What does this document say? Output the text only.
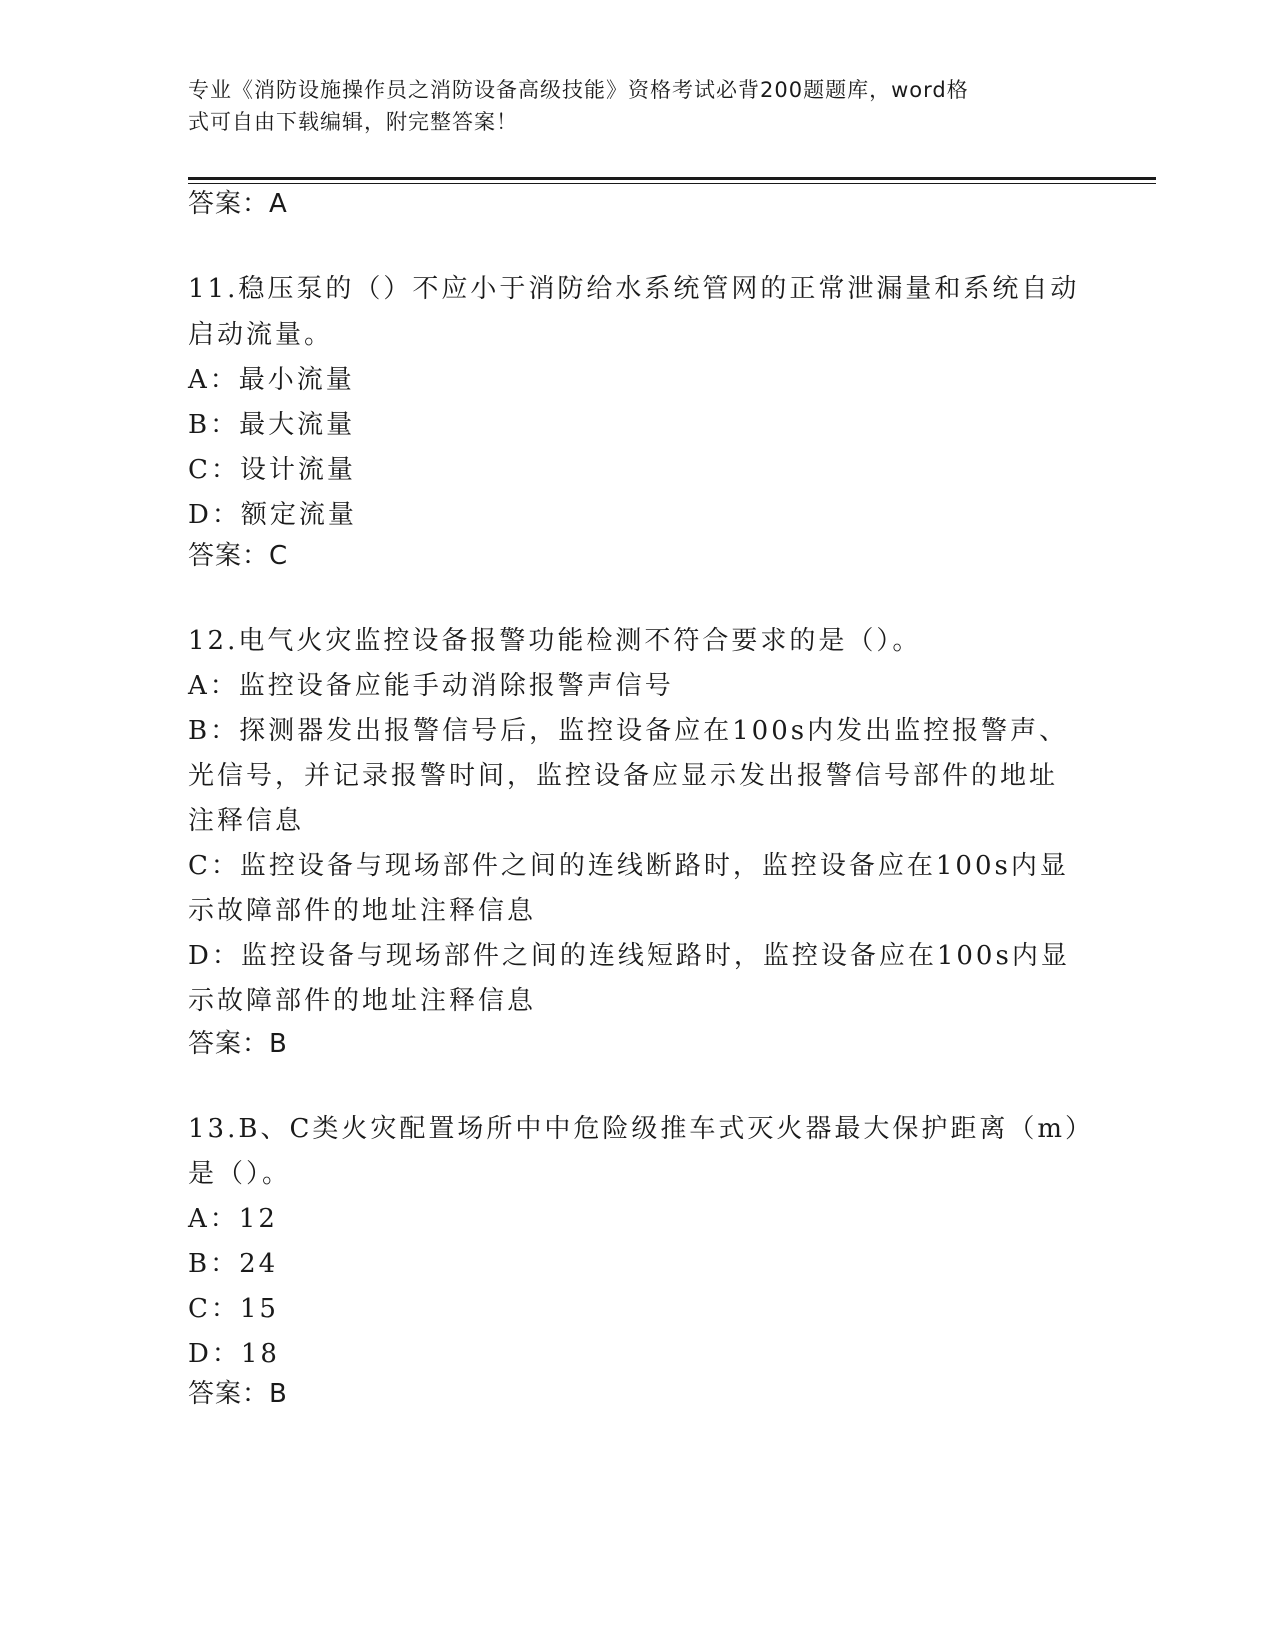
专业《消防设施操作员之消防设备高级技能》资格考试必背200题题库，word格
式可自由下载编辑，附完整答案！
答案：A
11.稳压泵的（）不应小于消防给水系统管网的正常泄漏量和系统自动
启动流量。
A：最小流量
B：最大流量
C：设计流量
D：额定流量
答案：C
12.电气火灾监控设备报警功能检测不符合要求的是（）。
A：监控设备应能手动消除报警声信号
B：探测器发出报警信号后，监控设备应在100s内发出监控报警声、
光信号，并记录报警时间，监控设备应显示发出报警信号部件的地址
注释信息
C：监控设备与现场部件之间的连线断路时，监控设备应在100s内显
示故障部件的地址注释信息
D：监控设备与现场部件之间的连线短路时，监控设备应在100s内显
示故障部件的地址注释信息
答案：B
13.B、C类火灾配置场所中中危险级推车式灭火器最大保护距离（m）
是（）。
A：12
B：24
C：15
D：18
答案：B
